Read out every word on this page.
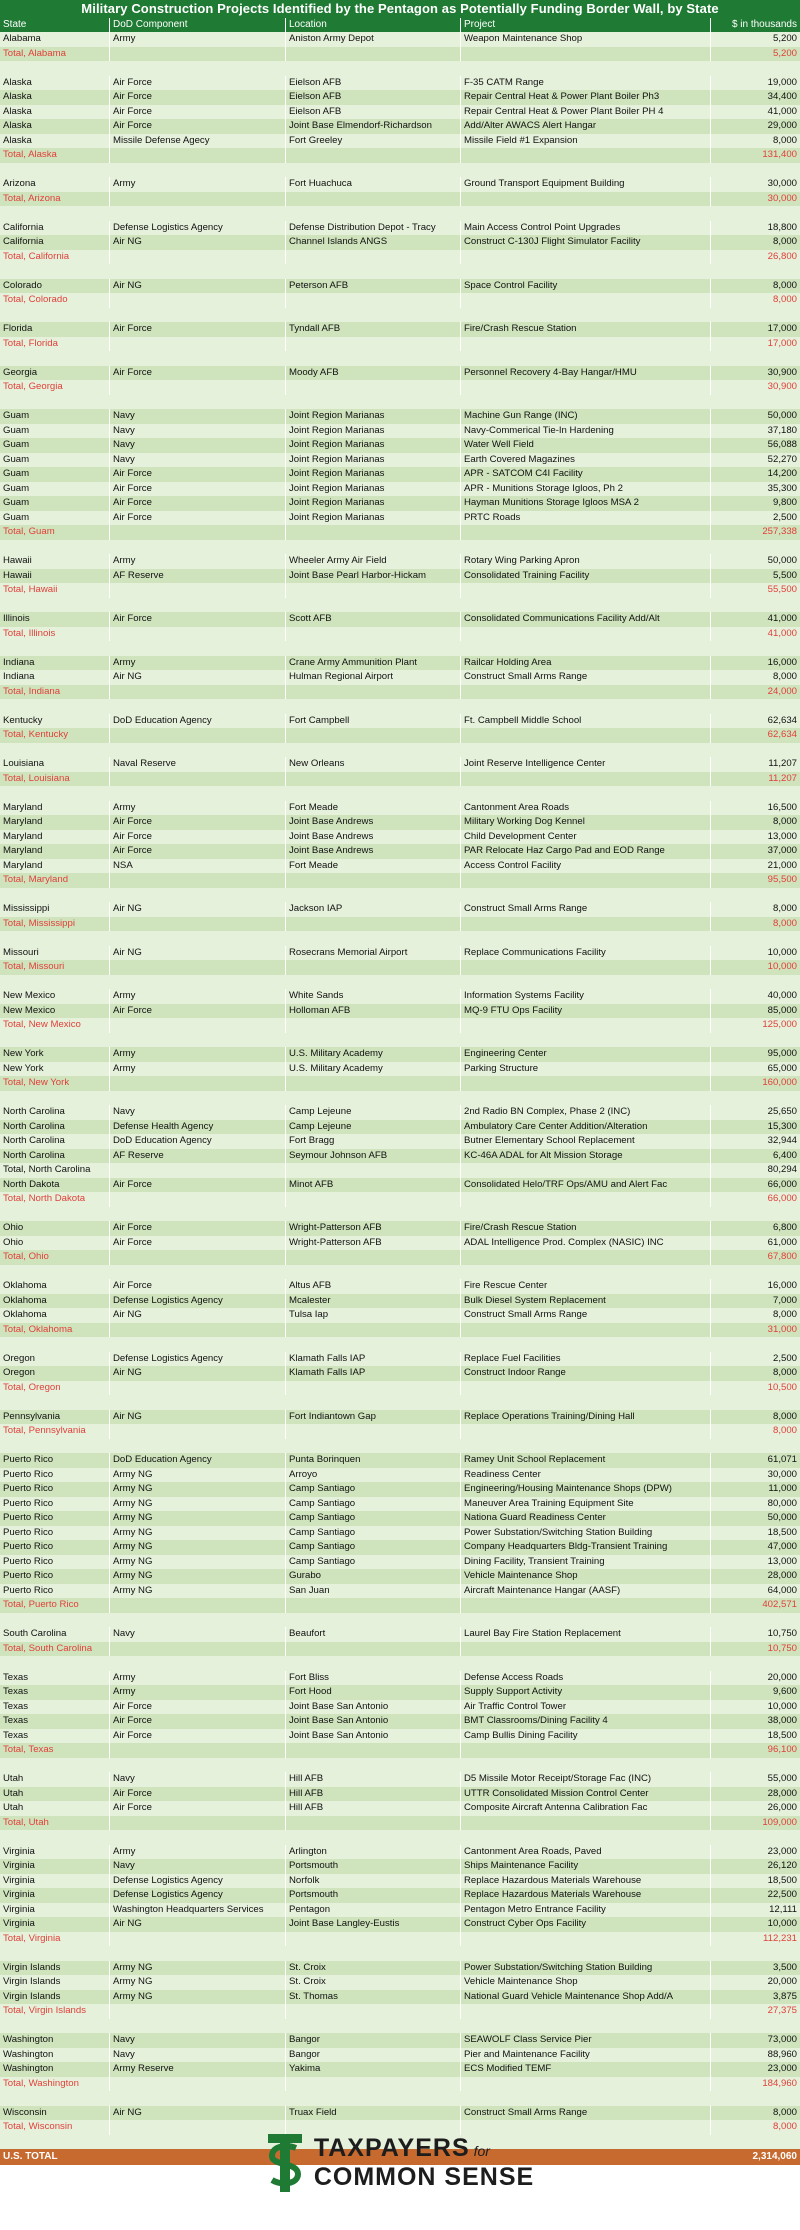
Military Construction Projects Identified by the Pentagon as Potentially Funding Border Wall, by State
State	DoD Component	Location	Project	$ in thousands
Alabama	Army	Aniston Army Depot	Weapon Maintenance Shop	5,200
Total, Alabama	5,200
Alaska	Air Force	Eielson AFB	F-35 CATM Range	19,000
Alaska	Air Force	Eielson AFB	Repair Central Heat & Power Plant Boiler Ph3	34,400
Alaska	Air Force	Eielson AFB	Repair Central Heat & Power Plant Boiler PH 4	41,000
Alaska	Air Force	Joint Base Elmendorf-Richardson	Add/Alter AWACS Alert Hangar	29,000
Alaska	Missile Defense Agecy	Fort Greeley	Missile Field #1 Expansion	8,000
Total, Alaska	131,400
Arizona	Army	Fort Huachuca	Ground Transport Equipment Building	30,000
Total, Arizona	30,000
California	Defense Logistics Agency	Defense Distribution Depot - Tracy	Main Access Control Point Upgrades	18,800
California	Air NG	Channel Islands ANGS	Construct C-130J Flight Simulator Facility	8,000
Total, California	26,800
Colorado	Air NG	Peterson AFB	Space Control Facility	8,000
Total, Colorado	8,000
Florida	Air Force	Tyndall AFB	Fire/Crash Rescue Station	17,000
Total, Florida	17,000
Georgia	Air Force	Moody AFB	Personnel Recovery 4-Bay Hangar/HMU	30,900
Total, Georgia	30,900
Guam	Navy	Joint Region Marianas	Machine Gun Range (INC)	50,000
Guam	Navy	Joint Region Marianas	Navy-Commerical Tie-In Hardening	37,180
Guam	Navy	Joint Region Marianas	Water Well Field	56,088
Guam	Navy	Joint Region Marianas	Earth Covered Magazines	52,270
Guam	Air Force	Joint Region Marianas	APR - SATCOM C4I Facility	14,200
Guam	Air Force	Joint Region Marianas	APR - Munitions Storage Igloos, Ph 2	35,300
Guam	Air Force	Joint Region Marianas	Hayman Munitions Storage Igloos MSA 2	9,800
Guam	Air Force	Joint Region Marianas	PRTC Roads	2,500
Total, Guam	257,338
Hawaii	Army	Wheeler Army Air Field	Rotary Wing Parking Apron	50,000
Hawaii	AF Reserve	Joint Base Pearl Harbor-Hickam	Consolidated Training Facility	5,500
Total, Hawaii	55,500
Illinois	Air Force	Scott AFB	Consolidated Communications Facility Add/Alt	41,000
Total, Illinois	41,000
Indiana	Army	Crane Army Ammunition Plant	Railcar Holding Area	16,000
Indiana	Air NG	Hulman Regional Airport	Construct Small Arms Range	8,000
Total, Indiana	24,000
Kentucky	DoD Education Agency	Fort Campbell	Ft. Campbell Middle School	62,634
Total, Kentucky	62,634
Louisiana	Naval Reserve	New Orleans	Joint Reserve Intelligence Center	11,207
Total, Louisiana	11,207
Maryland	Army	Fort Meade	Cantonment Area Roads	16,500
Maryland	Air Force	Joint Base Andrews	Military Working Dog Kennel	8,000
Maryland	Air Force	Joint Base Andrews	Child Development Center	13,000
Maryland	Air Force	Joint Base Andrews	PAR Relocate Haz Cargo Pad and EOD Range	37,000
Maryland	NSA	Fort Meade	Access Control Facility	21,000
Total, Maryland	95,500
Mississippi	Air NG	Jackson IAP	Construct Small Arms Range	8,000
Total, Mississippi	8,000
Missouri	Air NG	Rosecrans Memorial Airport	Replace Communications Facility	10,000
Total, Missouri	10,000
New Mexico	Army	White Sands	Information Systems Facility	40,000
New Mexico	Air Force	Holloman AFB	MQ-9 FTU Ops Facility	85,000
Total, New Mexico	125,000
New York	Army	U.S. Military Academy	Engineering Center	95,000
New York	Army	U.S. Military Academy	Parking Structure	65,000
Total, New York	160,000
North Carolina	Navy	Camp Lejeune	2nd Radio BN Complex, Phase 2 (INC)	25,650
North Carolina	Defense Health Agency	Camp Lejeune	Ambulatory Care Center Addition/Alteration	15,300
North Carolina	DoD Education Agency	Fort Bragg	Butner Elementary School Replacement	32,944
North Carolina	AF Reserve	Seymour Johnson AFB	KC-46A ADAL for Alt Mission Storage	6,400
Total, North Carolina	80,294
North Dakota	Air Force	Minot AFB	Consolidated Helo/TRF Ops/AMU and Alert Fac	66,000
Total, North Dakota	66,000
Ohio	Air Force	Wright-Patterson AFB	Fire/Crash Rescue Station	6,800
Ohio	Air Force	Wright-Patterson AFB	ADAL Intelligence Prod. Complex (NASIC) INC	61,000
Total, Ohio	67,800
Oklahoma	Air Force	Altus AFB	Fire Rescue Center	16,000
Oklahoma	Defense Logistics Agency	Mcalester	Bulk Diesel System Replacement	7,000
Oklahoma	Air NG	Tulsa Iap	Construct Small Arms Range	8,000
Total, Oklahoma	31,000
Oregon	Defense Logistics Agency	Klamath Falls IAP	Replace Fuel Facilities	2,500
Oregon	Air NG	Klamath Falls IAP	Construct Indoor Range	8,000
Total, Oregon	10,500
Pennsylvania	Air NG	Fort Indiantown Gap	Replace Operations Training/Dining Hall	8,000
Total, Pennsylvania	8,000
Puerto Rico	DoD Education Agency	Punta Borinquen	Ramey Unit School Replacement	61,071
Puerto Rico	Army NG	Arroyo	Readiness Center	30,000
Puerto Rico	Army NG	Camp Santiago	Engineering/Housing Maintenance Shops (DPW)	11,000
Puerto Rico	Army NG	Camp Santiago	Maneuver Area Training Equipment Site	80,000
Puerto Rico	Army NG	Camp Santiago	Nationa Guard Readiness Center	50,000
Puerto Rico	Army NG	Camp Santiago	Power Substation/Switching Station Building	18,500
Puerto Rico	Army NG	Camp Santiago	Company Headquarters Bldg-Transient Training	47,000
Puerto Rico	Army NG	Camp Santiago	Dining Facility, Transient Training	13,000
Puerto Rico	Army NG	Gurabo	Vehicle Maintenance Shop	28,000
Puerto Rico	Army NG	San Juan	Aircraft Maintenance Hangar (AASF)	64,000
Total, Puerto Rico	402,571
South Carolina	Navy	Beaufort	Laurel Bay Fire Station Replacement	10,750
Total, South Carolina	10,750
Texas	Army	Fort Bliss	Defense Access Roads	20,000
Texas	Army	Fort Hood	Supply Support Activity	9,600
Texas	Air Force	Joint Base San Antonio	Air Traffic Control Tower	10,000
Texas	Air Force	Joint Base San Antonio	BMT Classrooms/Dining Facility 4	38,000
Texas	Air Force	Joint Base San Antonio	Camp Bullis Dining Facility	18,500
Total, Texas	96,100
Utah	Navy	Hill AFB	D5 Missile Motor Receipt/Storage Fac (INC)	55,000
Utah	Air Force	Hill AFB	UTTR Consolidated Mission Control Center	28,000
Utah	Air Force	Hill AFB	Composite Aircraft Antenna Calibration Fac	26,000
Total, Utah	109,000
Virginia	Army	Arlington	Cantonment Area Roads, Paved	23,000
Virginia	Navy	Portsmouth	Ships Maintenance Facility	26,120
Virginia	Defense Logistics Agency	Norfolk	Replace Hazardous Materials Warehouse	18,500
Virginia	Defense Logistics Agency	Portsmouth	Replace Hazardous Materials Warehouse	22,500
Virginia	Washington Headquarters Services	Pentagon	Pentagon Metro Entrance Facility	12,111
Virginia	Air NG	Joint Base Langley-Eustis	Construct Cyber Ops Facility	10,000
Total, Virginia	112,231
Virgin Islands	Army NG	St. Croix	Power Substation/Switching Station Building	3,500
Virgin Islands	Army NG	St. Croix	Vehicle Maintenance Shop	20,000
Virgin Islands	Army NG	St. Thomas	National Guard Vehicle Maintenance Shop Add/A	3,875
Total, Virgin Islands	27,375
Washington	Navy	Bangor	SEAWOLF Class Service Pier	73,000
Washington	Navy	Bangor	Pier and Maintenance Facility	88,960
Washington	Army Reserve	Yakima	ECS Modified TEMF	23,000
Total, Washington	184,960
Wisconsin	Air NG	Truax Field	Construct Small Arms Range	8,000
Total, Wisconsin	8,000
U.S. TOTAL	2,314,060
TAXPAYERS for
COMMON SENSE
